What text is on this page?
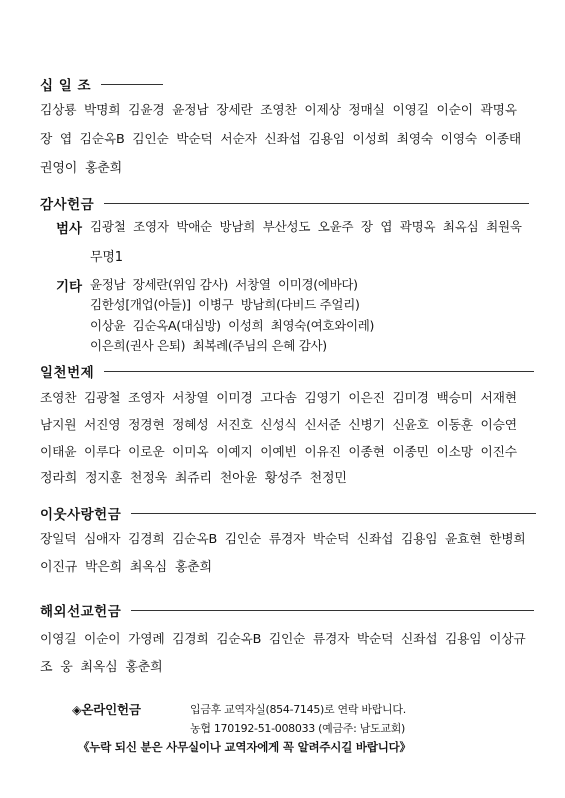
십 일 조
김상룡  박명희  김윤경  윤정남  장세란  조영찬  이제상  정매실  이영길  이순이  곽명옥
장  엽  김순옥B  김인순  박순덕  서순자  신좌섭  김용임  이성희  최영숙  이영숙  이종태
권영이  홍춘희
감사헌금
범사 김광철  조영자  박애순  방남희  부산성도  오윤주  장  엽  곽명옥  최옥심  최원욱
무명1
기타 윤정남  장세란(위임 감사)  서창열  이미경(에바다)
김한성[개업(아들)]  이병구  방남희(다비드 주얼리)
이상윤  김순옥A(대심방)  이성희  최영숙(여호와이레)
이은희(권사 은퇴)  최복례(주님의 은혜 감사)
일천번제
조영찬  김광철  조영자  서창열  이미경  고다솜  김영기  이은진  김미경  백승미  서재현
남지원  서진영  정경현  정혜성  서진호  신성식  신서준  신병기  신윤호  이동훈  이승연
이태윤  이루다  이로운  이미옥  이예지  이예빈  이유진  이종현  이종민  이소망  이진수
정라희  정지훈  천정욱  최쥬리  천아윤  황성주  천정민
이웃사랑헌금
장일덕  심애자  김경희  김순옥B  김인순  류경자  박순덕  신좌섭  김용임  윤효현  한병희
이진규  박은희  최옥심  홍춘희
해외선교헌금
이영길  이순이  가영례  김경희  김순옥B  김인순  류경자  박순덕  신좌섭  김용임  이상규
조  웅  최옥심  홍춘희
◈온라인헌금	입금후 교역자실(854-7145)로 연락 바랍니다.
농협 170192-51-008033 (예금주: 남도교회)
《누락 되신 분은 사무실이나 교역자에게 꼭 알려주시길 바랍니다》
